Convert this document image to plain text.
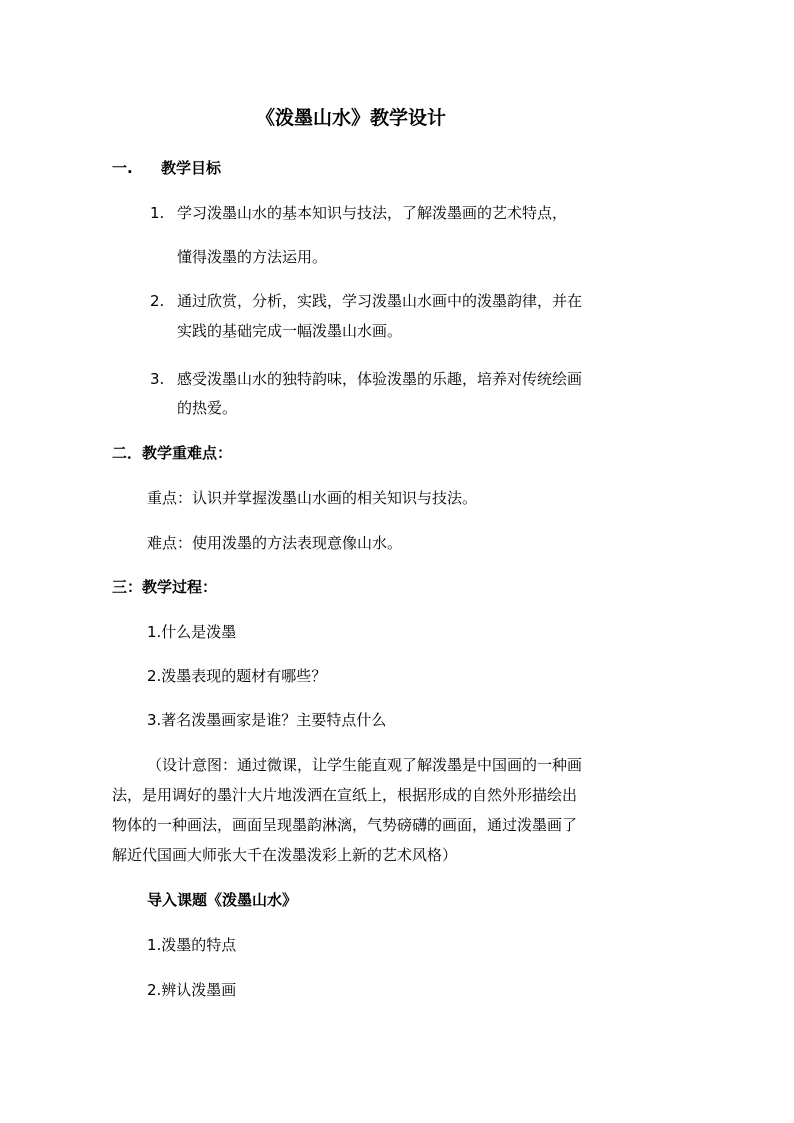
《泼墨山水》教学设计
一. 教学目标
1. 学习泼墨山水的基本知识与技法，了解泼墨画的艺术特点，
懂得泼墨的方法运用。
2. 通过欣赏，分析，实践，学习泼墨山水画中的泼墨韵律，并在
实践的基础完成一幅泼墨山水画。
3. 感受泼墨山水的独特韵味，体验泼墨的乐趣，培养对传统绘画
的热爱。
二．教学重难点：
重点：认识并掌握泼墨山水画的相关知识与技法。
难点：使用泼墨的方法表现意像山水。
三：教学过程：
1.什么是泼墨
2.泼墨表现的题材有哪些？
3.著名泼墨画家是谁？主要特点什么
（设计意图：通过微课，让学生能直观了解泼墨是中国画的一种画
法，是用调好的墨汁大片地泼洒在宣纸上，根据形成的自然外形描绘出
物体的一种画法，画面呈现墨韵淋漓，气势磅礴的画面，通过泼墨画了
解近代国画大师张大千在泼墨泼彩上新的艺术风格）
导入课题《泼墨山水》
1.泼墨的特点
2.辨认泼墨画
